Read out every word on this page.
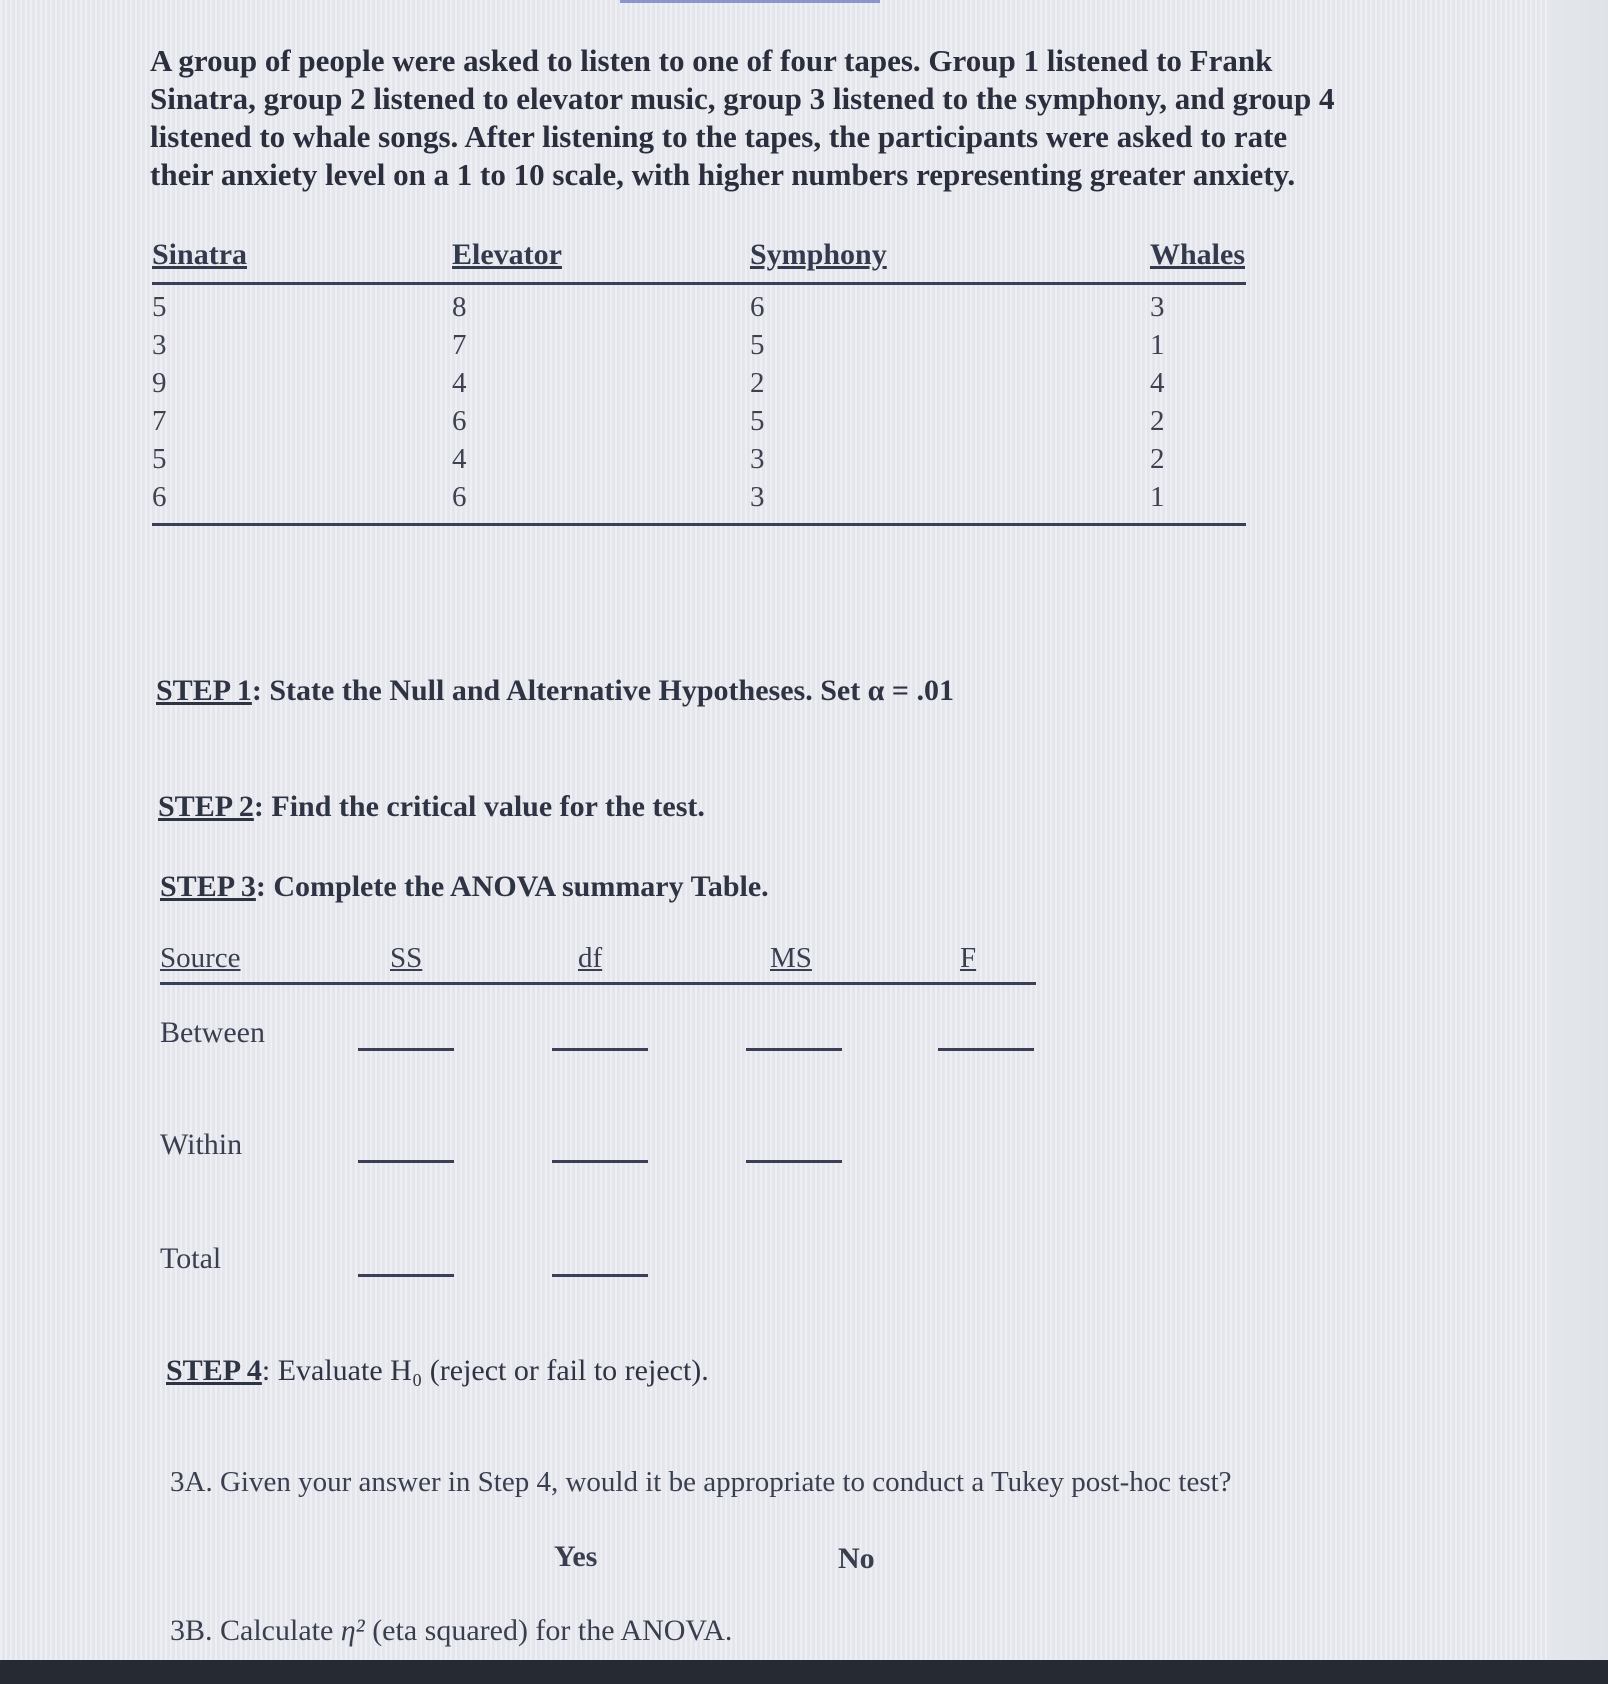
A group of people were asked to listen to one of four tapes. Group 1 listened to Frank Sinatra, group 2 listened to elevator music, group 3 listened to the symphony, and group 4 listened to whale songs. After listening to the tapes, the participants were asked to rate their anxiety level on a 1 to 10 scale, with higher numbers representing greater anxiety.
Sinatra	Elevator	Symphony	Whales
5	8	6	3
3	7	5	1
9	4	2	4
7	6	5	2
5	4	3	2
6	6	3	1
STEP 1: State the Null and Alternative Hypotheses. Set α = .01
STEP 2: Find the critical value for the test.
STEP 3: Complete the ANOVA summary Table.
Source	SS	df	MS	F
Between
Within
Total
STEP 4: Evaluate H₀ (reject or fail to reject).
3A. Given your answer in Step 4, would it be appropriate to conduct a Tukey post-hoc test?
Yes	No
3B. Calculate η² (eta squared) for the ANOVA.
